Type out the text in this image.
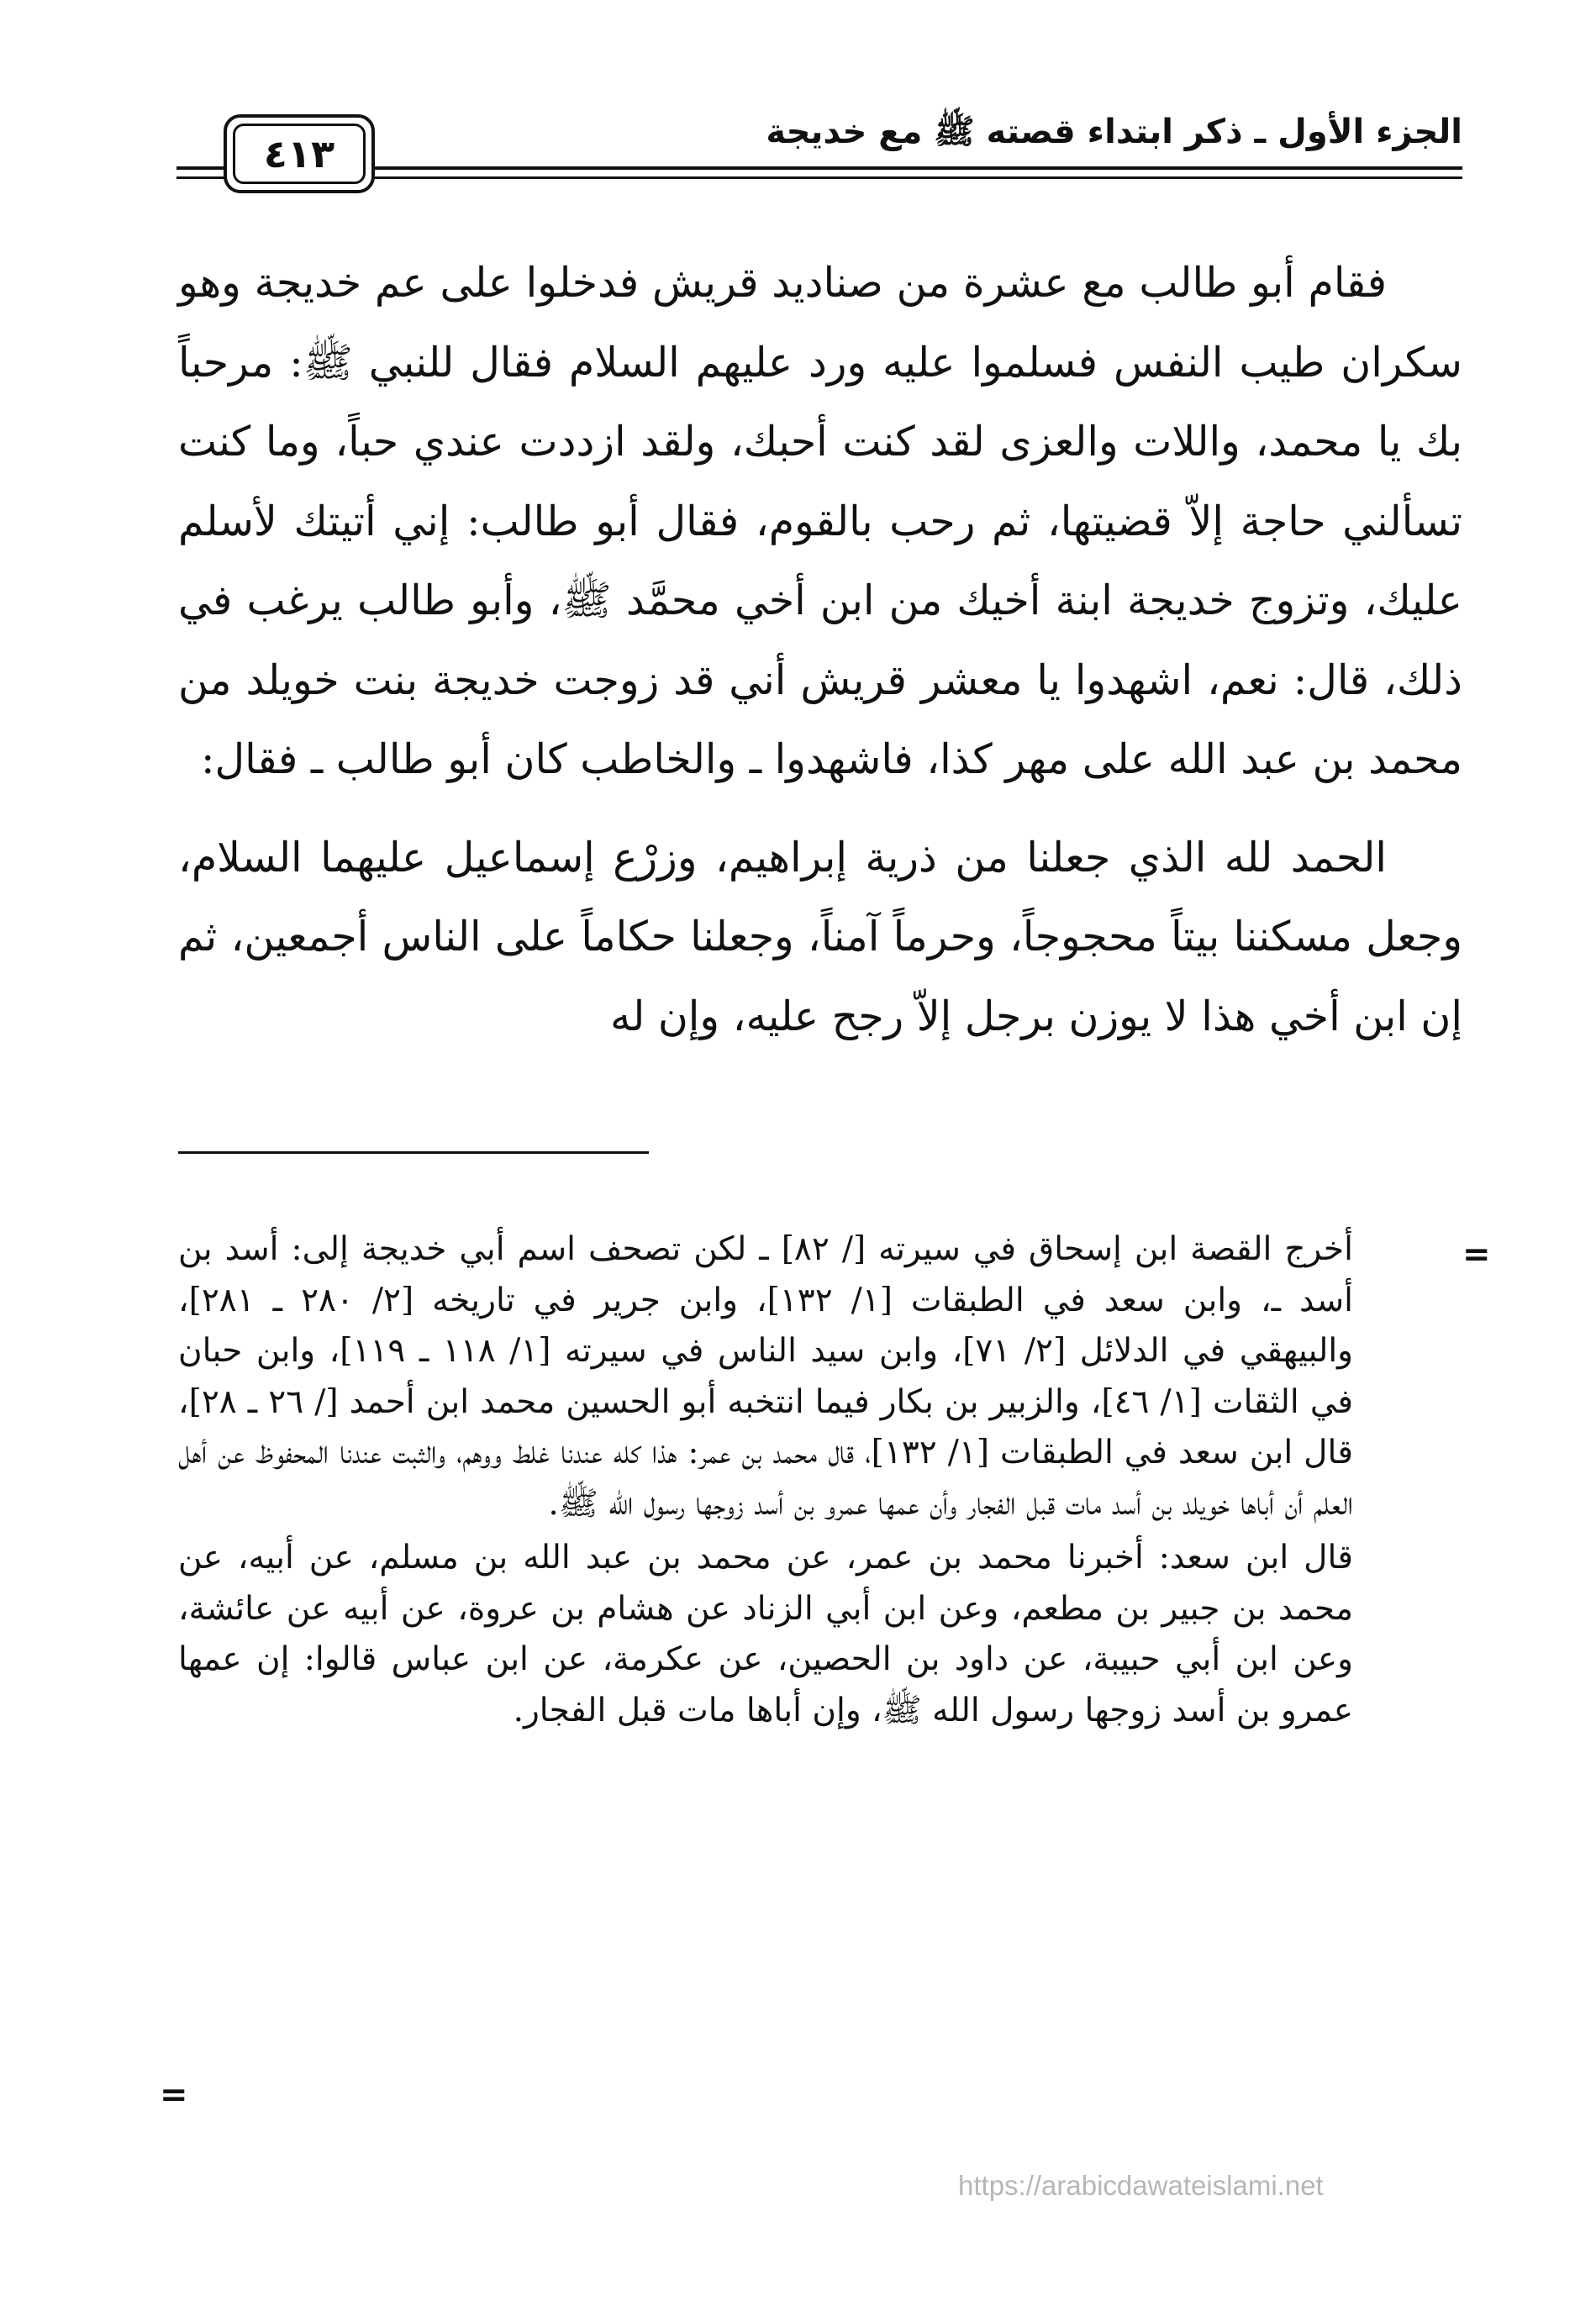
الجزء الأول ـ ذكر ابتداء قصته ﷺ مع خديجة
٤١٣

فقام أبو طالب مع عشرة من صناديد قريش فدخلوا على عم خديجة وهو سكران طيب النفس فسلموا عليه ورد عليهم السلام فقال للنبي ﷺ: مرحباً بك يا محمد، واللات والعزى لقد كنت أحبك، ولقد ازددت عندي حباً، وما كنت تسألني حاجة إلاّ قضيتها، ثم رحب بالقوم، فقال أبو طالب: إني أتيتك لأسلم عليك، وتزوج خديجة ابنة أخيك من ابن أخي محمَّد ﷺ، وأبو طالب يرغب في ذلك، قال: نعم، اشهدوا يا معشر قريش أني قد زوجت خديجة بنت خويلد من محمد بن عبد الله على مهر كذا، فاشهدوا ـ والخاطب كان أبو طالب ـ فقال:

الحمد لله الذي جعلنا من ذرية إبراهيم، وزرْع إسماعيل عليهما السلام، وجعل مسكننا بيتاً محجوجاً، وحرماً آمناً، وجعلنا حكاماً على الناس أجمعين، ثم إن ابن أخي هذا لا يوزن برجل إلاّ رجح عليه، وإن له

=

أخرج القصة ابن إسحاق في سيرته [/ ٨٢] ـ لكن تصحف اسم أبي خديجة إلى: أسد بن أسد ـ، وابن سعد في الطبقات [١/ ١٣٢]، وابن جرير في تاريخه [٢/ ٢٨٠ ـ ٢٨١]، والبيهقي في الدلائل [٢/ ٧١]، وابن سيد الناس في سيرته [١/ ١١٨ ـ ١١٩]، وابن حبان في الثقات [١/ ٤٦]، والزبير بن بكار فيما انتخبه أبو الحسين محمد ابن أحمد [/ ٢٦ ـ ٢٨]، قال ابن سعد في الطبقات [١/ ١٣٢]، قال محمد بن عمر: هذا كله عندنا غلط ووهم، والثبت عندنا المحفوظ عن أهل العلم أن أباها خويلد بن أسد مات قبل الفجار وأن عمها عمرو بن أسد زوجها رسول الله ﷺ.

قال ابن سعد: أخبرنا محمد بن عمر، عن محمد بن عبد الله بن مسلم، عن أبيه، عن محمد بن جبير بن مطعم، وعن ابن أبي الزناد عن هشام بن عروة، عن أبيه عن عائشة، وعن ابن أبي حبيبة، عن داود بن الحصين، عن عكرمة، عن ابن عباس قالوا: إن عمها عمرو بن أسد زوجها رسول الله ﷺ، وإن أباها مات قبل الفجار.

=
https://arabicdawateislami.net
